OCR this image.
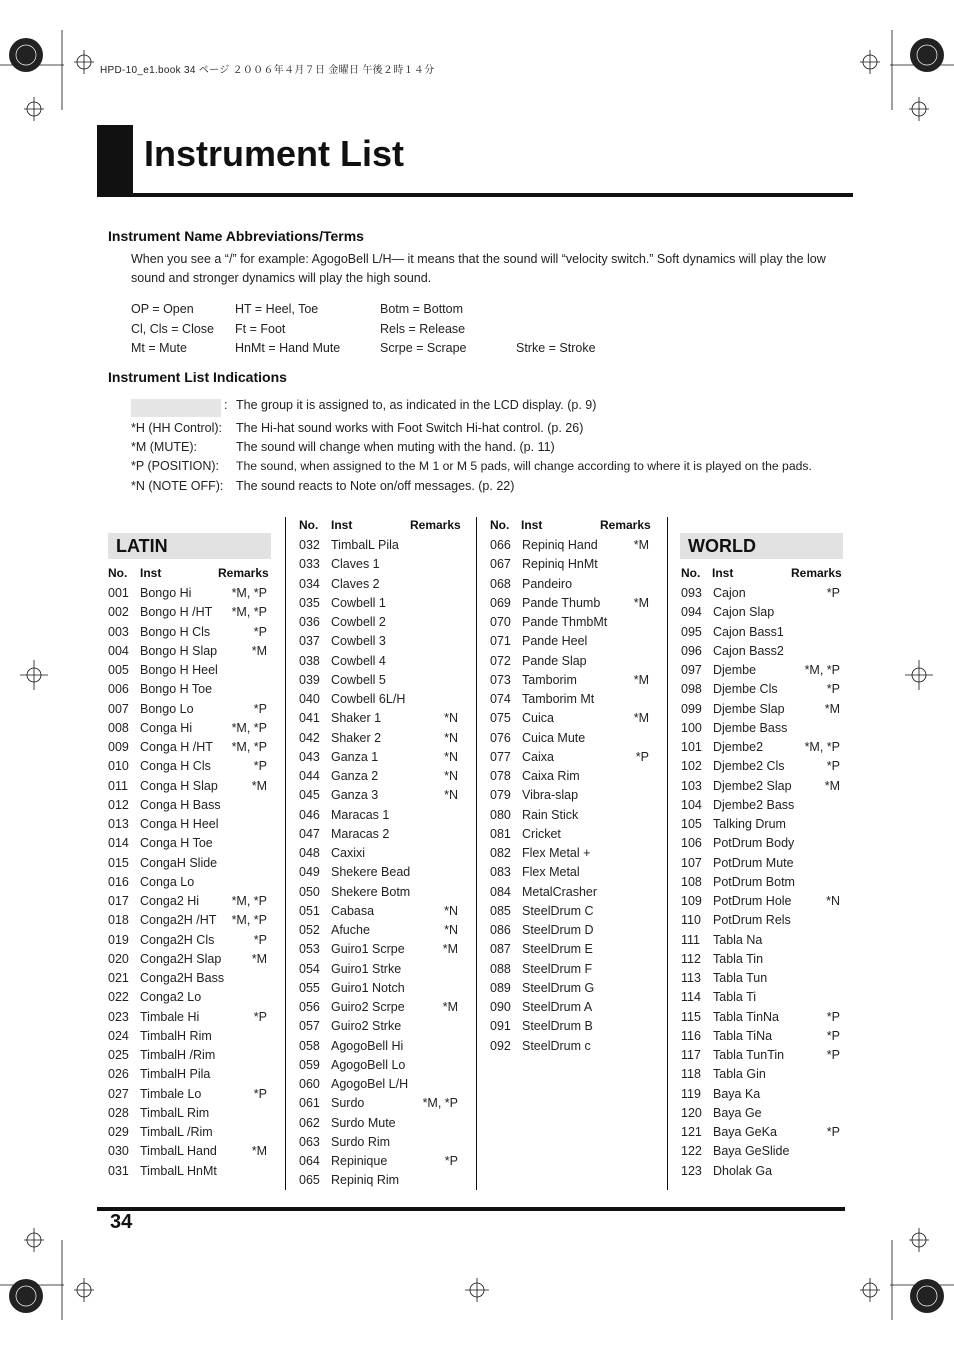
HPD-10_e1.book 34 ページ ２００６年４月７日 金曜日 午後２時１４分
Instrument List
Instrument Name Abbreviations/Terms
When you see a “/” for example: AgogoBell L/H— it means that the sound will “velocity switch.” Soft dynamics will play the low sound and stronger dynamics will play the high sound.
OP = Open
Cl, Cls = Close
Mt = Mute
HT = Heel, Toe
Ft = Foot
HnMt = Hand Mute
Botm = Bottom
Rels = Release
Scrpe = Scrape	Strke = Stroke
Instrument List Indications
: The group it is assigned to, as indicated in the LCD display. (p. 9)
*H (HH Control): The Hi-hat sound works with Foot Switch Hi-hat control. (p. 26)
*M (MUTE):	The sound will change when muting with the hand. (p. 11)
*P (POSITION): The sound, when assigned to the M 1 or M 5 pads, will change according to where it is played on the pads.
*N (NOTE OFF): The sound reacts to Note on/off messages. (p. 22)
LATIN	WORLD
No. Inst	Remarks
No. Inst	Remarks No. Inst	Remarks
No. Inst	Remarks
001 Bongo Hi	*M, *P
002 Bongo H /HT *M, *P
003 Bongo H Cls	*P
004 Bongo H Slap	*M
005 Bongo H Heel
006 Bongo H Toe
007 Bongo Lo	*P
008 Conga Hi	*M, *P
009 Conga H /HT *M, *P
010 Conga H Cls	*P
011 Conga H Slap	*M
012 Conga H Bass
013 Conga H Heel
014 Conga H Toe
015 CongaH Slide
016 Conga Lo
017 Conga2 Hi	*M, *P
018 Conga2H /HT *M, *P
019 Conga2H Cls	*P
020 Conga2H Slap *M
021 Conga2H Bass
022 Conga2 Lo
023 Timbale Hi	*P
024 TimbalH Rim
025 TimbalH /Rim
026 TimbalH Pila
027 Timbale Lo	*P
028 TimbalL Rim
029 TimbalL /Rim
030 TimbalL Hand	*M
031 TimbalL HnMt
032 TimbalL Pila
033 Claves 1
034 Claves 2
035 Cowbell 1
036 Cowbell 2
037 Cowbell 3
038 Cowbell 4
039 Cowbell 5
040 Cowbell 6L/H
041 Shaker 1	*N
042 Shaker 2	*N
043 Ganza 1	*N
044 Ganza 2	*N
045 Ganza 3	*N
046 Maracas 1
047 Maracas 2
048 Caxixi
049 Shekere Bead
050 Shekere Botm
051 Cabasa	*N
052 Afuche	*N
053 Guiro1 Scrpe	*M
054 Guiro1 Strke
055 Guiro1 Notch
056 Guiro2 Scrpe	*M
057 Guiro2 Strke
058 AgogoBell Hi
059 AgogoBell Lo
060 AgogoBel L/H
061 Surdo	*M, *P
062 Surdo Mute
063 Surdo Rim
064 Repinique	*P
065 Repiniq Rim
066 Repiniq Hand	*M
067 Repiniq HnMt
068 Pandeiro
069 Pande Thumb	*M
070 Pande ThmbMt
071 Pande Heel
072 Pande Slap
073 Tamborim	*M
074 Tamborim Mt
075 Cuica	*M
076 Cuica Mute
077 Caixa	*P
078 Caixa Rim
079 Vibra-slap
080 Rain Stick
081 Cricket
082 Flex Metal +
083 Flex Metal
084 MetalCrasher
085 SteelDrum C
086 SteelDrum D
087 SteelDrum E
088 SteelDrum F
089 SteelDrum G
090 SteelDrum A
091 SteelDrum B
092 SteelDrum c
093 Cajon	*P
094 Cajon Slap
095 Cajon Bass1
096 Cajon Bass2
097 Djembe	*M, *P
098 Djembe Cls	*P
099 Djembe Slap	*M
100 Djembe Bass
101 Djembe2	*M, *P
102 Djembe2 Cls	*P
103 Djembe2 Slap	*M
104 Djembe2 Bass
105 Talking Drum
106 PotDrum Body
107 PotDrum Mute
108 PotDrum Botm
109 PotDrum Hole	*N
110 PotDrum Rels
111 Tabla Na
112 Tabla Tin
113 Tabla Tun
114 Tabla Ti
115 Tabla TinNa	*P
116 Tabla TiNa	*P
117 Tabla TunTin	*P
118 Tabla Gin
119 Baya Ka
120 Baya Ge
121 Baya GeKa	*P
122 Baya GeSlide
123 Dholak Ga
34
